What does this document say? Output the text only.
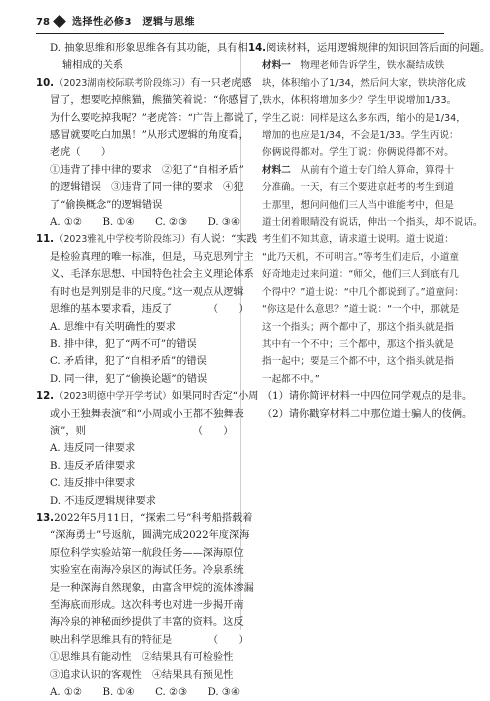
78 选择性必修3　逻辑与思维
D. 抽象思维和形象思维各有其功能，具有相
辅相成的关系
10.（2023湖南校际联考阶段练习）有一只老虎感
冒了，想要吃掉熊猫，熊猫笑着说：“你感冒了，
为什么要吃掉我呢？”老虎答：“广告上都说了，
感冒就要吃白加黑！”从形式逻辑的角度看，
老虎（　　）
①违背了排中律的要求　②犯了“自相矛盾”
的逻辑错误　③违背了同一律的要求　④犯
了“偷换概念”的逻辑错误
A. ①②　　B. ①④　　C. ②③　　D. ③④
11.（2023雅礼中学校考阶段练习）有人说：“实践
是检验真理的唯一标准，但是，马克思列宁主
义、毛泽东思想、中国特色社会主义理论体系
有时也是判别是非的尺度。”这一观点从逻辑
思维的基本要求看，违反了　　　　（　　）
A. 思维中有关明确性的要求
B. 排中律，犯了“两不可”的错误
C. 矛盾律，犯了“自相矛盾”的错误
D. 同一律，犯了“偷换论题”的错误
12.（2023明德中学开学考试）如果同时否定“小周
或小王独舞表演”和“小周或小王都不独舞表
演”，则　　　　　　　　　　　（　　）
A. 违反同一律要求
B. 违反矛盾律要求
C. 违反排中律要求
D. 不违反逻辑规律要求
13.2022年5月11日，“探索二号”科考船搭载着
“深海勇士”号返航，圆满完成2022年度深海
原位科学实验站第一航段任务——深海原位
实验室在南海冷泉区的海试任务。冷泉系统
是一种深海自然现象，由富含甲烷的流体渗漏
至海底而形成。这次科考也对进一步揭开南
海冷泉的神秘面纱提供了丰富的资料。这反
映出科学思维具有的特征是　　　　（　　）
①思维具有能动性　②结果具有可检验性
③追求认识的客观性　④结果具有预见性
A. ①②　　B. ①④　　C. ②③　　D. ③④
14.阅读材料，运用逻辑规律的知识回答后面的问题。
材料一　物理老师告诉学生，铁水凝结成铁
块，体积缩小了1/34，然后问大家，铁块溶化成
铁水，体积将增加多少？学生甲说增加1/33。
学生乙说：同样是这么多东西，缩小的是1/34，
增加的也应是1/34，不会是1/33。学生丙说：
你俩说得都对。学生丁说：你俩说得都不对。
材料二　从前有个道士专门给人算命，算得十
分准确。一天，有三个要进京赶考的考生到道
士那里，想问问他们三人当中谁能考中，但是
道士闭着眼睛没有说话，伸出一个指头，却不说话。
考生们不知其意，请求道士说明。道士说道：
“此乃天机，不可明言。”等考生们走后，小道童
好奇地走过来问道：“师父，他们三人到底有几
个得中？”道士说：“中几个都说到了。”道童问：
“你这是什么意思？”道士说：“一个中，那就是
这一个指头；两个都中了，那这个指头就是指
其中有一个不中；三个都中，那这个指头就是
指一起中；要是三个都不中，这个指头就是指
一起都不中。”
（1）请你简评材料一中四位同学观点的是非。
（2）请你戳穿材料二中那位道士骗人的伎俩。
